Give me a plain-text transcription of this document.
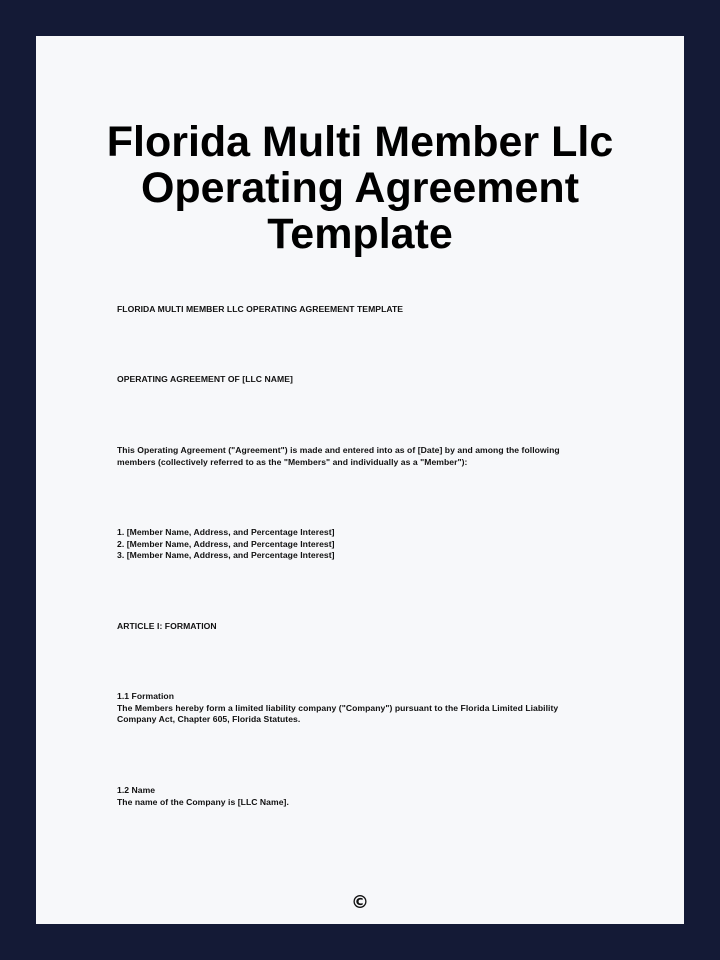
Florida Multi Member Llc
Operating Agreement
Template
FLORIDA MULTI MEMBER LLC OPERATING AGREEMENT TEMPLATE
OPERATING AGREEMENT OF [LLC NAME]
This Operating Agreement ("Agreement") is made and entered into as of [Date] by and among the following
members (collectively referred to as the "Members" and individually as a "Member"):
1. [Member Name, Address, and Percentage Interest]
2. [Member Name, Address, and Percentage Interest]
3. [Member Name, Address, and Percentage Interest]
ARTICLE I: FORMATION
1.1 Formation
The Members hereby form a limited liability company ("Company") pursuant to the Florida Limited Liability
Company Act, Chapter 605, Florida Statutes.
1.2 Name
The name of the Company is [LLC Name].
©
